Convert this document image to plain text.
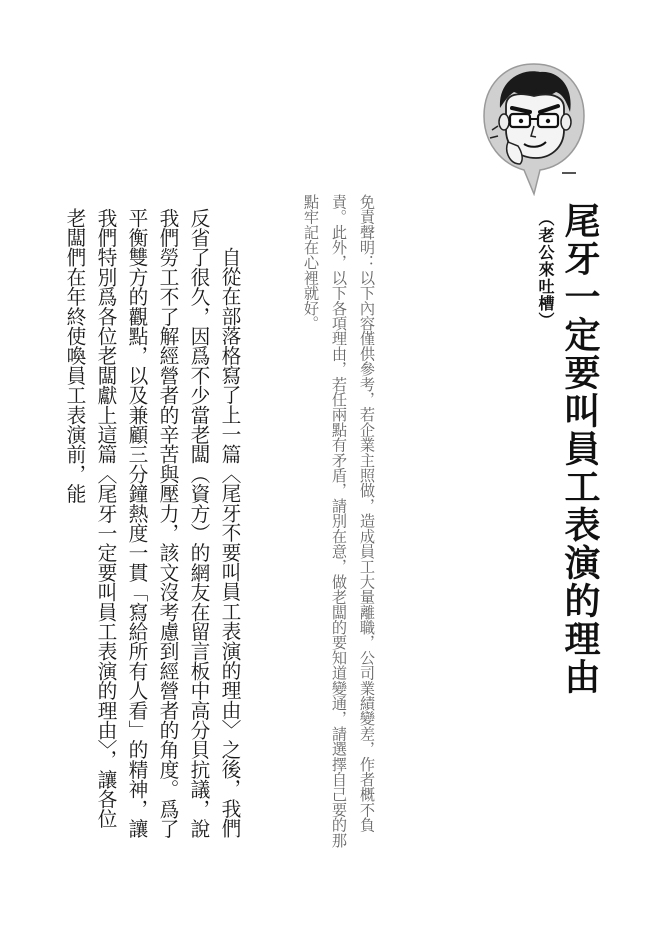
（老公來吐槽） 尾牙一定要叫員工表演的理由

免責聲明：以下內容僅供參考，若企業主照做，造成員工大量離職，公司業績變差，作者概不負責。此外，以下各項理由，若任兩點有矛盾，請別在意，做老闆的要知道變通，請選擇自己要的那點牢記在心裡就好。

自從在部落格寫了上一篇〈尾牙不要叫員工表演的理由〉之後，我們反省了很久，因爲不少當老闆（資方）的網友在留言板中高分貝抗議，說我們勞工不了解經營者的辛苦與壓力，該文沒考慮到經營者的角度。爲了平衡雙方的觀點，以及兼顧三分鐘熱度一貫「寫給所有人看」的精神，讓我們特別爲各位老闆獻上這篇〈尾牙一定要叫員工表演的理由〉，讓各位老闆們在年終使喚員工表演前，能
